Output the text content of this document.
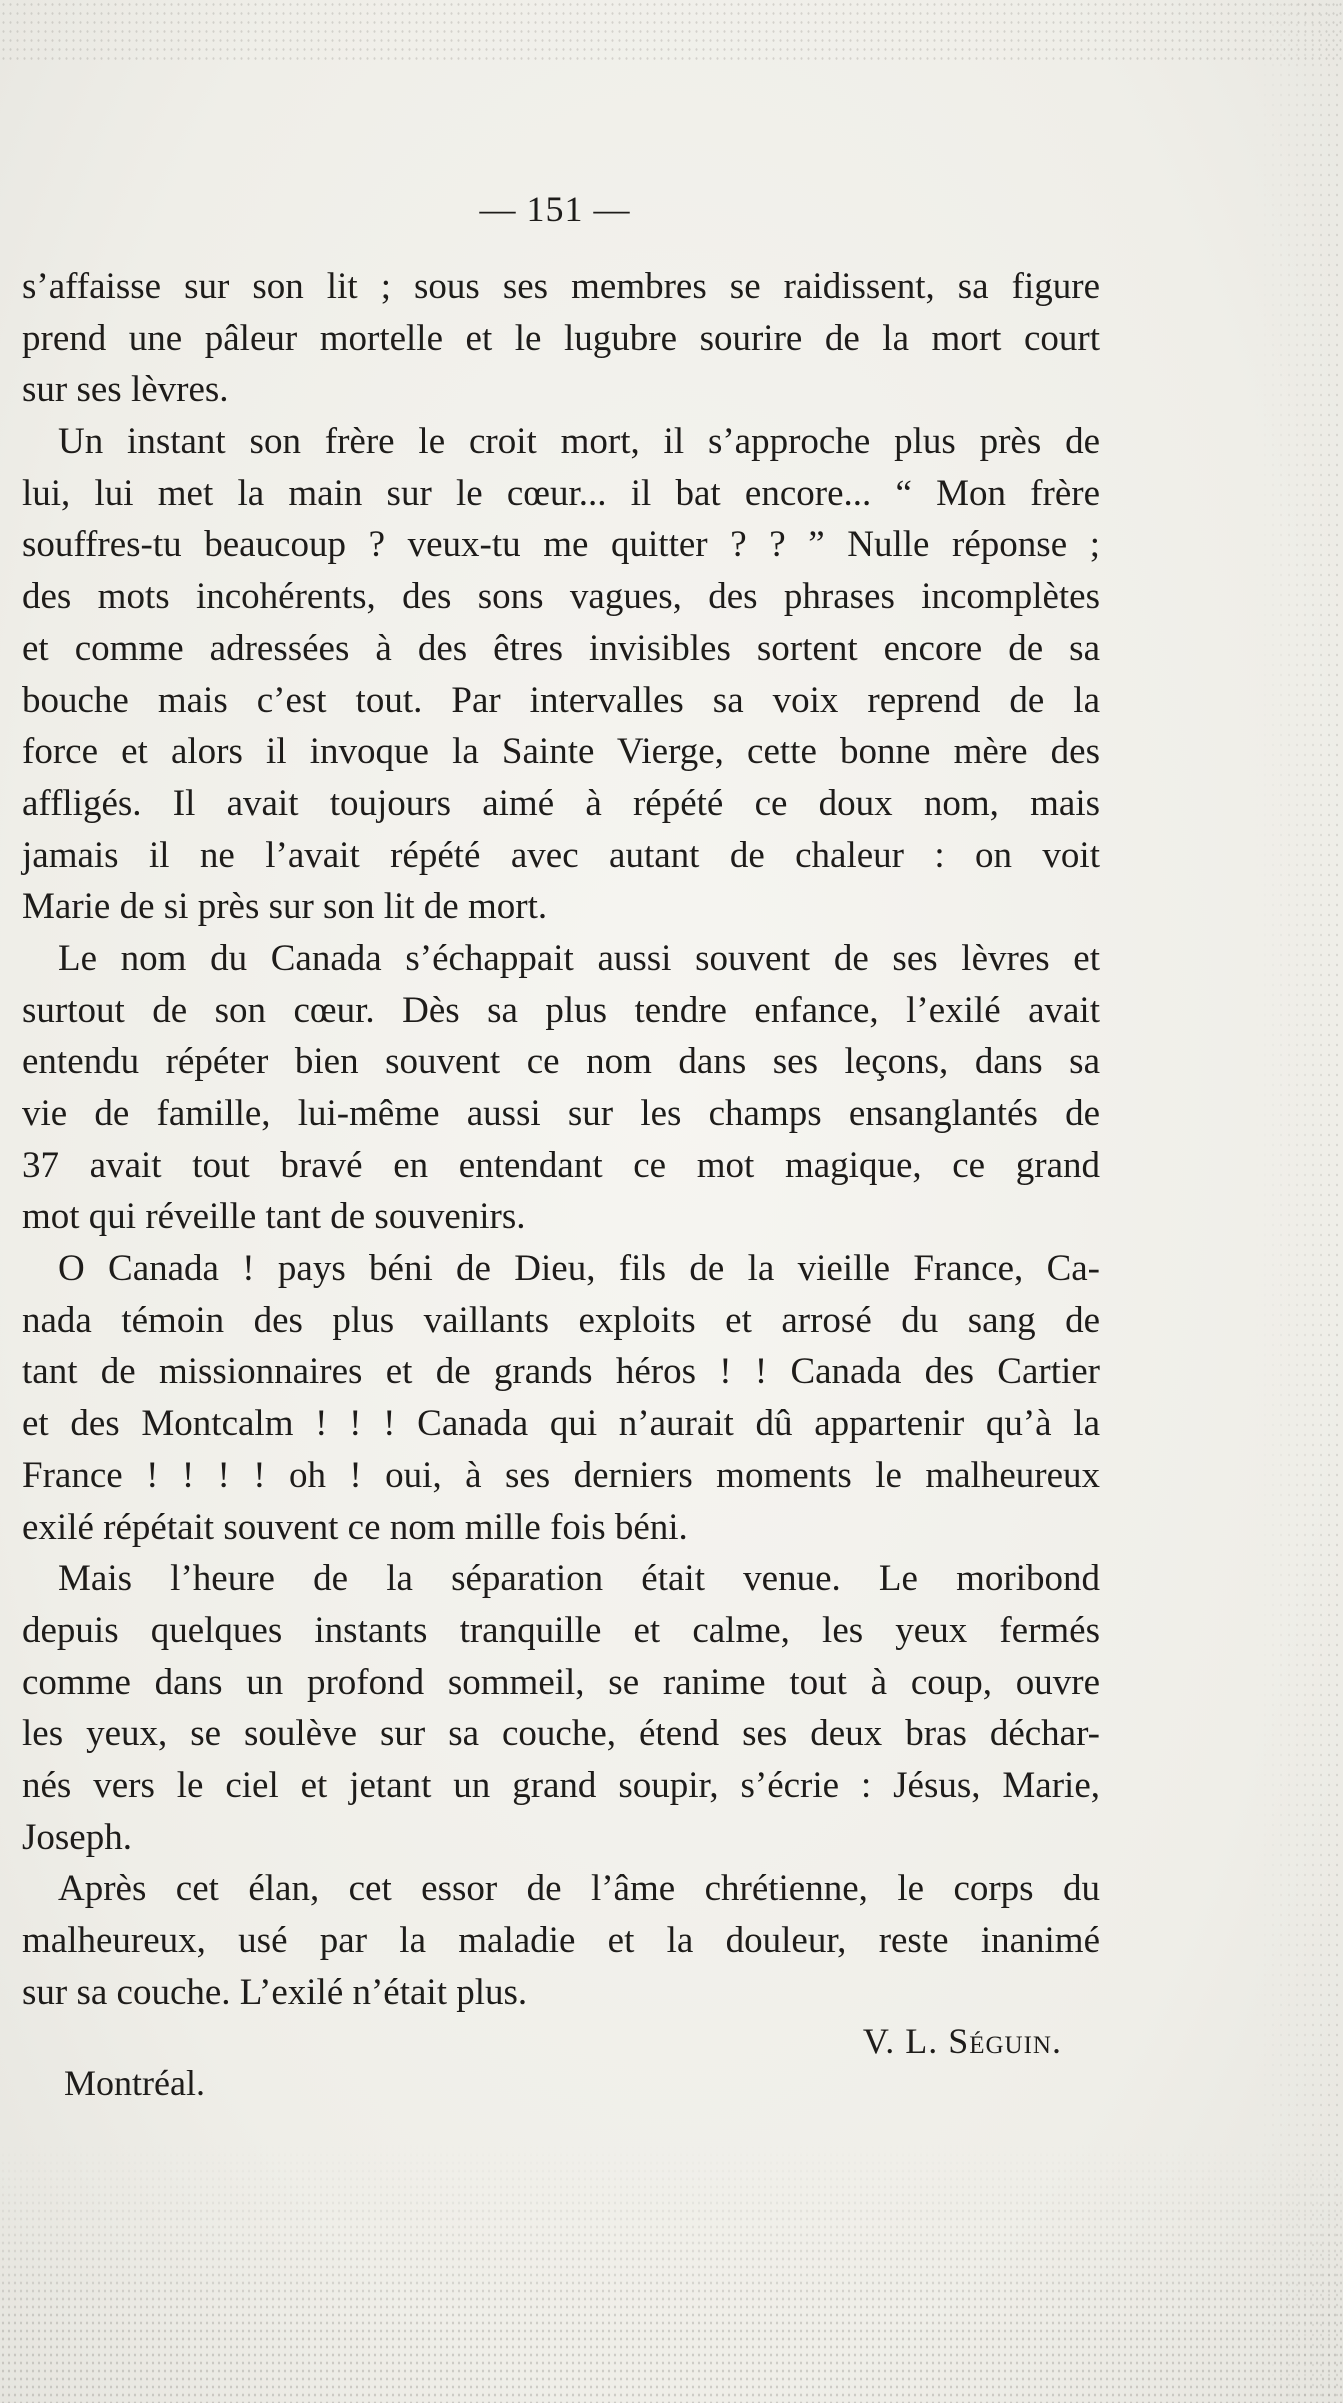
— 151 —
s’affaisse sur son lit ; sous ses membres se raidissent, sa figure
prend une pâleur mortelle et le lugubre sourire de la mort court
sur ses lèvres.
Un instant son frère le croit mort, il s’approche plus près de
lui, lui met la main sur le cœur... il bat encore... “ Mon frère
souffres-tu beaucoup ? veux-tu me quitter ? ? ” Nulle réponse ;
des mots incohérents, des sons vagues, des phrases incomplètes
et comme adressées à des êtres invisibles sortent encore de sa
bouche mais c’est tout. Par intervalles sa voix reprend de la
force et alors il invoque la Sainte Vierge, cette bonne mère des
affligés. Il avait toujours aimé à répété ce doux nom, mais
jamais il ne l’avait répété avec autant de chaleur : on voit
Marie de si près sur son lit de mort.
Le nom du Canada s’échappait aussi souvent de ses lèvres et
surtout de son cœur. Dès sa plus tendre enfance, l’exilé avait
entendu répéter bien souvent ce nom dans ses leçons, dans sa
vie de famille, lui-même aussi sur les champs ensanglantés de
37 avait tout bravé en entendant ce mot magique, ce grand
mot qui réveille tant de souvenirs.
O Canada ! pays béni de Dieu, fils de la vieille France, Ca-
nada témoin des plus vaillants exploits et arrosé du sang de
tant de missionnaires et de grands héros ! ! Canada des Cartier
et des Montcalm ! ! ! Canada qui n’aurait dû appartenir qu’à la
France ! ! ! ! oh ! oui, à ses derniers moments le malheureux
exilé répétait souvent ce nom mille fois béni.
Mais l’heure de la séparation était venue. Le moribond
depuis quelques instants tranquille et calme, les yeux fermés
comme dans un profond sommeil, se ranime tout à coup, ouvre
les yeux, se soulève sur sa couche, étend ses deux bras déchar-
nés vers le ciel et jetant un grand soupir, s’écrie : Jésus, Marie,
Joseph.
Après cet élan, cet essor de l’âme chrétienne, le corps du
malheureux, usé par la maladie et la douleur, reste inanimé
sur sa couche. L’exilé n’était plus.
V. L. Séguin.
Montréal.
